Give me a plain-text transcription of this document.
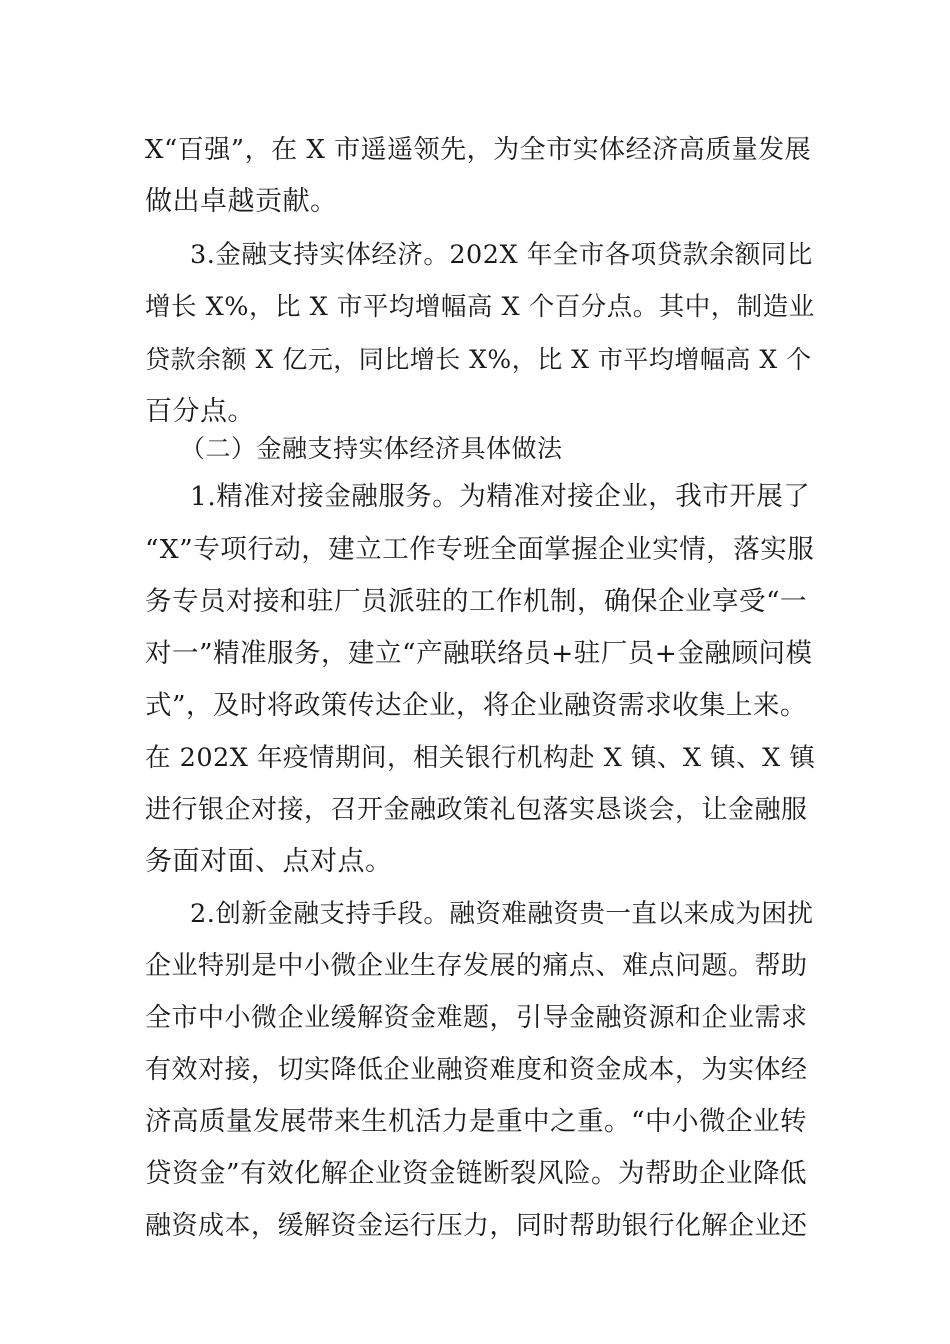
X“百强”，在 X 市遥遥领先，为全市实体经济高质量发展
做出卓越贡献。
3.金融支持实体经济。202X 年全市各项贷款余额同比
增长 X%，比 X 市平均增幅高 X 个百分点。其中，制造业
贷款余额 X 亿元，同比增长 X%，比 X 市平均增幅高 X 个
百分点。
（二）金融支持实体经济具体做法
1.精准对接金融服务。为精准对接企业，我市开展了
“X”专项行动，建立工作专班全面掌握企业实情，落实服
务专员对接和驻厂员派驻的工作机制，确保企业享受“一
对一”精准服务，建立“产融联络员+驻厂员+金融顾问模
式”，及时将政策传达企业，将企业融资需求收集上来。
在 202X 年疫情期间，相关银行机构赴 X 镇、X 镇、X 镇
进行银企对接，召开金融政策礼包落实恳谈会，让金融服
务面对面、点对点。
2.创新金融支持手段。融资难融资贵一直以来成为困扰
企业特别是中小微企业生存发展的痛点、难点问题。帮助
全市中小微企业缓解资金难题，引导金融资源和企业需求
有效对接，切实降低企业融资难度和资金成本，为实体经
济高质量发展带来生机活力是重中之重。“中小微企业转
贷资金”有效化解企业资金链断裂风险。为帮助企业降低
融资成本，缓解资金运行压力，同时帮助银行化解企业还
